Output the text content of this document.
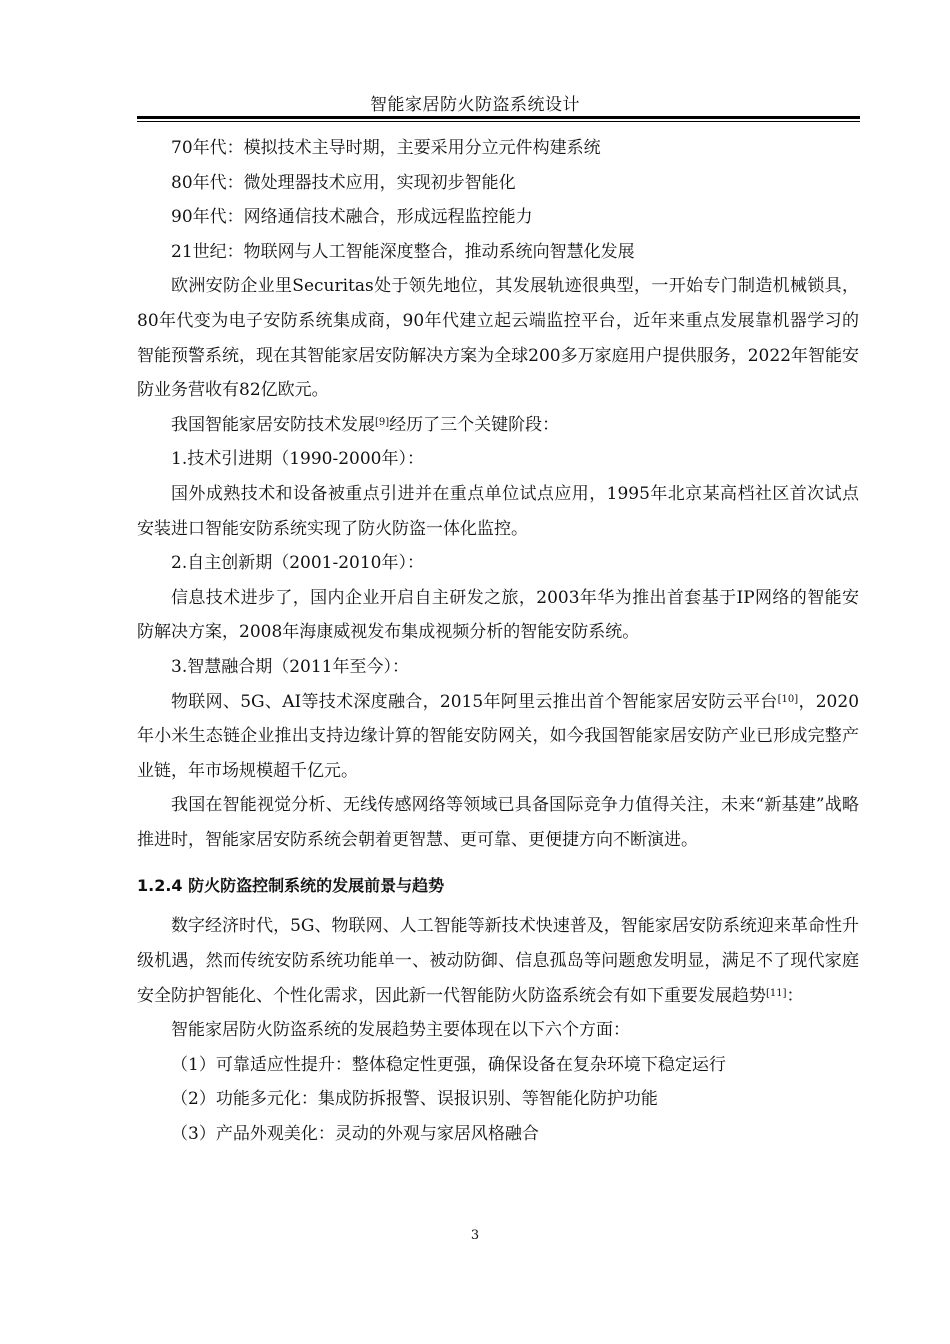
智能家居防火防盗系统设计

70年代：模拟技术主导时期，主要采用分立元件构建系统

80年代：微处理器技术应用，实现初步智能化

90年代：网络通信技术融合，形成远程监控能力

21世纪：物联网与人工智能深度整合，推动系统向智慧化发展

欧洲安防企业里Securitas处于领先地位，其发展轨迹很典型，一开始专门制造机械锁具，80年代变为电子安防系统集成商，90年代建立起云端监控平台，近年来重点发展靠机器学习的智能预警系统，现在其智能家居安防解决方案为全球200多万家庭用户提供服务，2022年智能安防业务营收有82亿欧元。

我国智能家居安防技术发展[9]经历了三个关键阶段：

1.技术引进期（1990-2000年）：

国外成熟技术和设备被重点引进并在重点单位试点应用，1995年北京某高档社区首次试点安装进口智能安防系统实现了防火防盗一体化监控。

2.自主创新期（2001-2010年）：

信息技术进步了，国内企业开启自主研发之旅，2003年华为推出首套基于IP网络的智能安防解决方案，2008年海康威视发布集成视频分析的智能安防系统。

3.智慧融合期（2011年至今）：

物联网、5G、AI等技术深度融合，2015年阿里云推出首个智能家居安防云平台[10]，2020年小米生态链企业推出支持边缘计算的智能安防网关，如今我国智能家居安防产业已形成完整产业链，年市场规模超千亿元。

我国在智能视觉分析、无线传感网络等领域已具备国际竞争力值得关注，未来“新基建”战略推进时，智能家居安防系统会朝着更智慧、更可靠、更便捷方向不断演进。

1.2.4 防火防盗控制系统的发展前景与趋势

数字经济时代，5G、物联网、人工智能等新技术快速普及，智能家居安防系统迎来革命性升级机遇，然而传统安防系统功能单一、被动防御、信息孤岛等问题愈发明显，满足不了现代家庭安全防护智能化、个性化需求，因此新一代智能防火防盗系统会有如下重要发展趋势[11]：

智能家居防火防盗系统的发展趋势主要体现在以下六个方面：

（1）可靠适应性提升：整体稳定性更强，确保设备在复杂环境下稳定运行

（2）功能多元化：集成防拆报警、误报识别、等智能化防护功能

（3）产品外观美化：灵动的外观与家居风格融合

3
